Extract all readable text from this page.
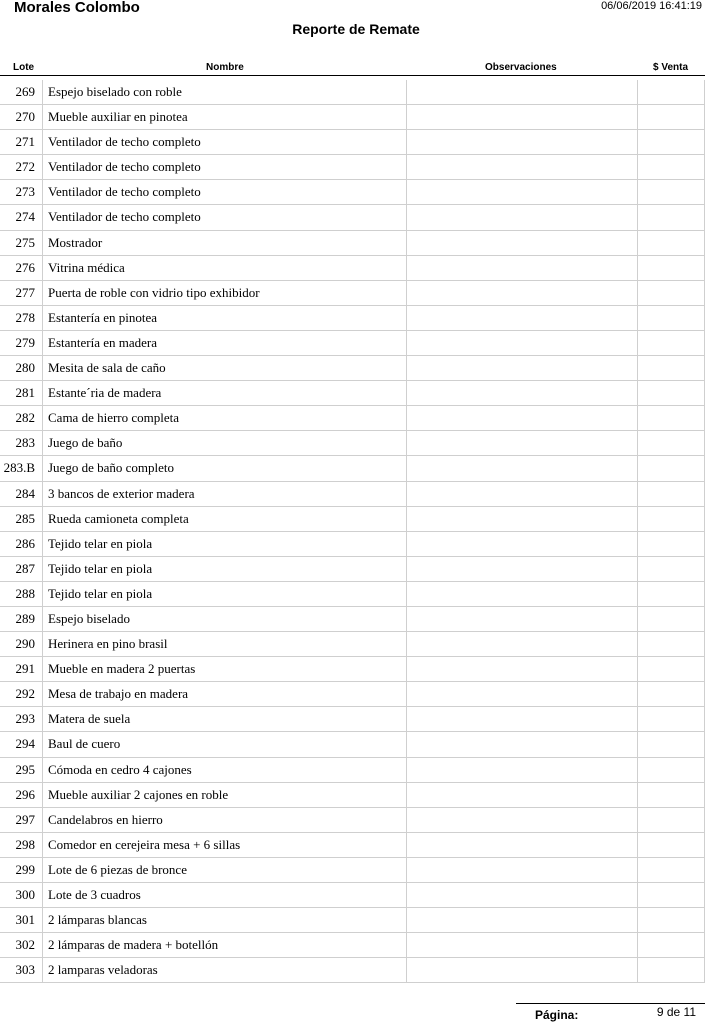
Morales Colombo	06/06/2019 16:41:19
Reporte de Remate
Lote	Nombre	Observaciones	$ Venta
269 Espejo biselado con roble
270 Mueble auxiliar en pinotea
271 Ventilador de techo completo
272 Ventilador de techo completo
273 Ventilador de techo completo
274 Ventilador de techo completo
275 Mostrador
276 Vitrina médica
277 Puerta de roble con vidrio tipo exhibidor
278 Estantería en pinotea
279 Estantería en madera
280 Mesita de sala de caño
281 Estante´ria de madera
282 Cama de hierro completa
283 Juego de baño
283.B Juego de baño completo
284 3 bancos de exterior madera
285 Rueda camioneta completa
286 Tejido telar en piola
287 Tejido telar en piola
288 Tejido telar en piola
289 Espejo biselado
290 Herinera en pino brasil
291 Mueble en madera 2 puertas
292 Mesa de trabajo en madera
293 Matera de suela
294 Baul de cuero
295 Cómoda en cedro 4 cajones
296 Mueble auxiliar 2 cajones en roble
297 Candelabros en hierro
298 Comedor en cerejeira mesa + 6 sillas
299 Lote de 6 piezas de bronce
300 Lote de 3 cuadros
301 2 lámparas blancas
302 2 lámparas de madera + botellón
303 2 lamparas veladoras
Página:	9 de 11
